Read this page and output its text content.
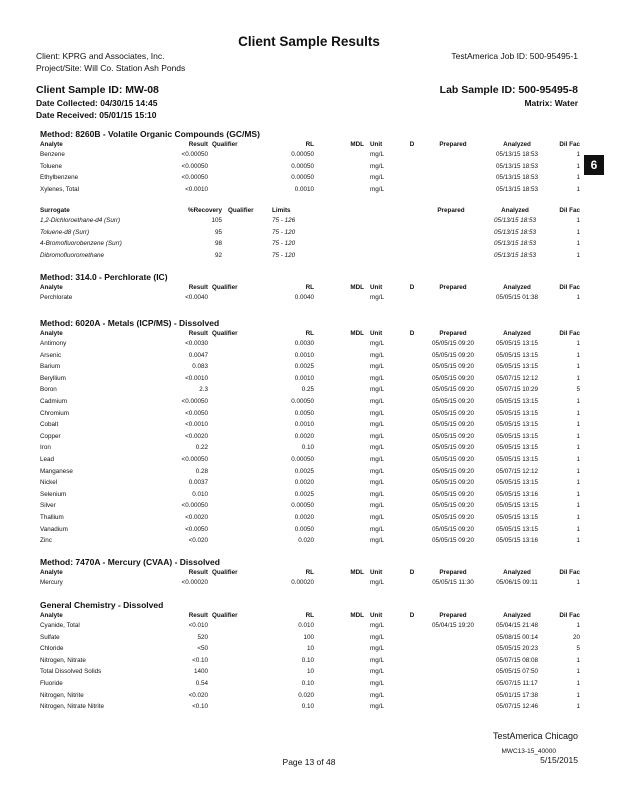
Client Sample Results
Client: KPRG and Associates, Inc.	TestAmerica Job ID: 500-95495-1
Project/Site: Will Co. Station Ash Ponds
Client Sample ID: MW-08	Lab Sample ID: 500-95495-8
Date Collected: 04/30/15 14:45	Matrix: Water
Date Received: 05/01/15 15:10
6
Method: 8260B - Volatile Organic Compounds (GC/MS)
Analyte	Result	Qualifier	RL	MDL	Unit	D	Prepared	Analyzed	Dil Fac
Benzene	<0.00050		0.00050		mg/L			05/13/15 18:53	1
Toluene	<0.00050		0.00050		mg/L			05/13/15 18:53	1
Ethylbenzene	<0.00050		0.00050		mg/L			05/13/15 18:53	1
Xylenes, Total	<0.0010		0.0010		mg/L			05/13/15 18:53	1
Surrogate	%Recovery	Qualifier	Limits		Prepared	Analyzed	Dil Fac
1,2-Dichloroethane-d4 (Surr)	105		75 - 126			05/13/15 18:53	1
Toluene-d8 (Surr)	95		75 - 120			05/13/15 18:53	1
4-Bromofluorobenzene (Surr)	98		75 - 120			05/13/15 18:53	1
Dibromofluoromethane	92		75 - 120			05/13/15 18:53	1
Method: 314.0 - Perchlorate (IC)
Analyte	Result	Qualifier	RL	MDL	Unit	D	Prepared	Analyzed	Dil Fac
Perchlorate	<0.0040		0.0040		mg/L			05/05/15 01:38	1
Method: 6020A - Metals (ICP/MS) - Dissolved
Analyte	Result	Qualifier	RL	MDL	Unit	D	Prepared	Analyzed	Dil Fac
Antimony	<0.0030		0.0030		mg/L		05/05/15 09:20	05/05/15 13:15	1
Arsenic	0.0047		0.0010		mg/L		05/05/15 09:20	05/05/15 13:15	1
Barium	0.083		0.0025		mg/L		05/05/15 09:20	05/05/15 13:15	1
Beryllium	<0.0010		0.0010		mg/L		05/05/15 09:20	05/07/15 12:12	1
Boron	2.3		0.25		mg/L		05/05/15 09:20	05/07/15 10:29	5
Cadmium	<0.00050		0.00050		mg/L		05/05/15 09:20	05/05/15 13:15	1
Chromium	<0.0050		0.0050		mg/L		05/05/15 09:20	05/05/15 13:15	1
Cobalt	<0.0010		0.0010		mg/L		05/05/15 09:20	05/05/15 13:15	1
Copper	<0.0020		0.0020		mg/L		05/05/15 09:20	05/05/15 13:15	1
Iron	0.22		0.10		mg/L		05/05/15 09:20	05/05/15 13:15	1
Lead	<0.00050		0.00050		mg/L		05/05/15 09:20	05/05/15 13:15	1
Manganese	0.28		0.0025		mg/L		05/05/15 09:20	05/07/15 12:12	1
Nickel	0.0037		0.0020		mg/L		05/05/15 09:20	05/05/15 13:15	1
Selenium	0.010		0.0025		mg/L		05/05/15 09:20	05/05/15 13:16	1
Silver	<0.00050		0.00050		mg/L		05/05/15 09:20	05/05/15 13:15	1
Thallium	<0.0020		0.0020		mg/L		05/05/15 09:20	05/05/15 13:15	1
Vanadium	<0.0050		0.0050		mg/L		05/05/15 09:20	05/05/15 13:15	1
Zinc	<0.020		0.020		mg/L		05/05/15 09:20	05/05/15 13:16	1
Method: 7470A - Mercury (CVAA) - Dissolved
Analyte	Result	Qualifier	RL	MDL	Unit	D	Prepared	Analyzed	Dil Fac
Mercury	<0.00020		0.00020		mg/L		05/05/15 11:30	05/06/15 09:11	1
General Chemistry - Dissolved
Analyte	Result	Qualifier	RL	MDL	Unit	D	Prepared	Analyzed	Dil Fac
Cyanide, Total	<0.010		0.010		mg/L		05/04/15 19:20	05/04/15 21:48	1
Sulfate	520		100		mg/L			05/08/15 00:14	20
Chloride	<50		10		mg/L			05/05/15 20:23	5
Nitrogen, Nitrate	<0.10		0.10		mg/L			05/07/15 08:08	1
Total Dissolved Solids	1400		10		mg/L			05/05/15 07:50	1
Fluoride	0.54		0.10		mg/L			05/07/15 11:17	1
Nitrogen, Nitrite	<0.020		0.020		mg/L			05/01/15 17:38	1
Nitrogen, Nitrate Nitrite	<0.10		0.10		mg/L			05/07/15 12:46	1
TestAmerica Chicago
MWC13-15_40000
Page 13 of 48	5/15/2015
